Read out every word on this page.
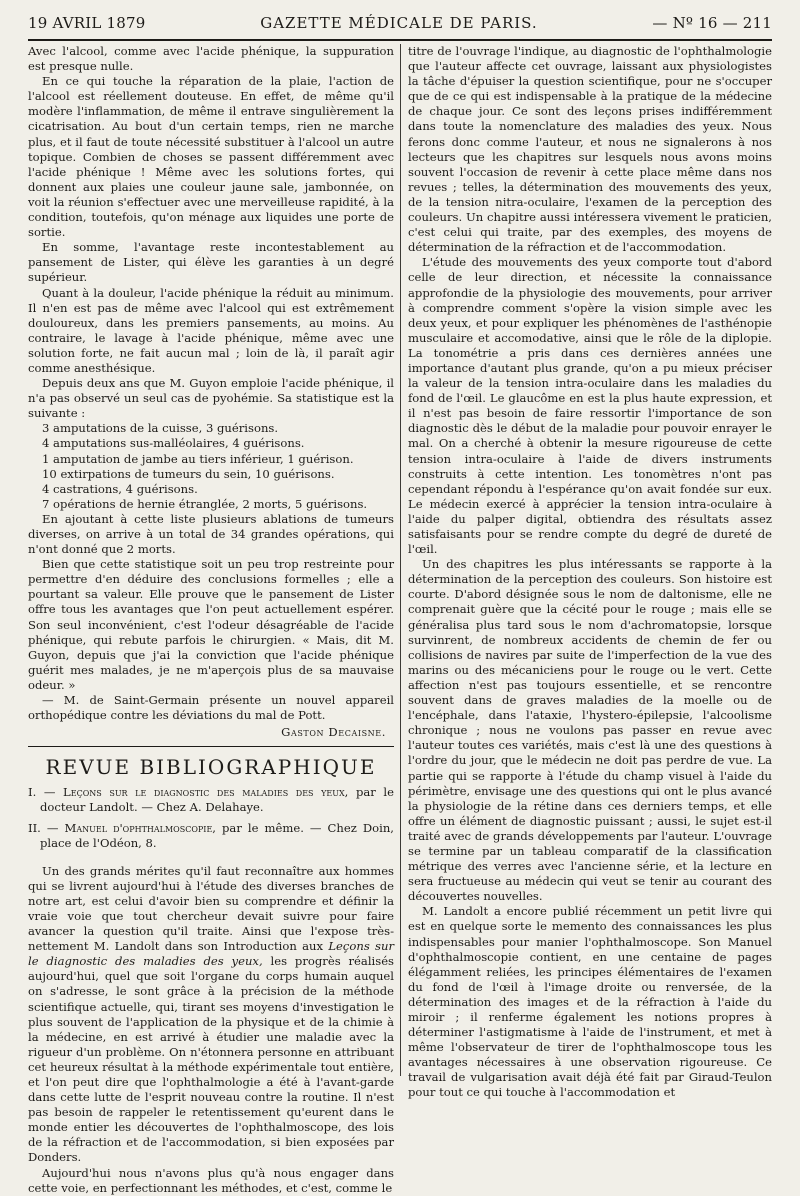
19 AVRIL 1879	GAZETTE MÉDICALE DE PARIS.	— Nº 16 — 211

Avec l'alcool, comme avec l'acide phénique, la suppuration est presque nulle.

En ce qui touche la réparation de la plaie, l'action de l'alcool est réellement douteuse. En effet, de même qu'il modère l'inflammation, de même il entrave singulièrement la cicatrisation. Au bout d'un certain temps, rien ne marche plus, et il faut de toute nécessité substituer à l'alcool un autre topique. Combien de choses se passent différemment avec l'acide phénique ! Même avec les solutions fortes, qui donnent aux plaies une couleur jaune sale, jambonnée, on voit la réunion s'effectuer avec une merveilleuse rapidité, à la condition, toutefois, qu'on ménage aux liquides une porte de sortie.

En somme, l'avantage reste incontestablement au pansement de Lister, qui élève les garanties à un degré supérieur.

Quant à la douleur, l'acide phénique la réduit au minimum. Il n'en est pas de même avec l'alcool qui est extrêmement douloureux, dans les premiers pansements, au moins. Au contraire, le lavage à l'acide phénique, même avec une solution forte, ne fait aucun mal ; loin de là, il paraît agir comme anesthésique.

Depuis deux ans que M. Guyon emploie l'acide phénique, il n'a pas observé un seul cas de pyohémie. Sa statistique est la suivante :

3 amputations de la cuisse, 3 guérisons.
4 amputations sus-malléolaires, 4 guérisons.
1 amputation de jambe au tiers inférieur, 1 guérison.
10 extirpations de tumeurs du sein, 10 guérisons.
4 castrations, 4 guérisons.
7 opérations de hernie étranglée, 2 morts, 5 guérisons.

En ajoutant à cette liste plusieurs ablations de tumeurs diverses, on arrive à un total de 34 grandes opérations, qui n'ont donné que 2 morts.

Bien que cette statistique soit un peu trop restreinte pour permettre d'en déduire des conclusions formelles ; elle a pourtant sa valeur. Elle prouve que le pansement de Lister offre tous les avantages que l'on peut actuellement espérer. Son seul inconvénient, c'est l'odeur désagréable de l'acide phénique, qui rebute parfois le chirurgien. « Mais, dit M. Guyon, depuis que j'ai la conviction que l'acide phénique guérit mes malades, je ne m'aperçois plus de sa mauvaise odeur. »

— M. de Saint-Germain présente un nouvel appareil orthopédique contre les déviations du mal de Pott.

Gaston Decaisne.

REVUE BIBLIOGRAPHIQUE

I. — Leçons sur le diagnostic des maladies des yeux, par le docteur Landolt. — Chez A. Delahaye.

II. — Manuel d'ophthalmoscopie, par le même. — Chez Doin, place de l'Odéon, 8.

Un des grands mérites qu'il faut reconnaître aux hommes qui se livrent aujourd'hui à l'étude des diverses branches de notre art, est celui d'avoir bien su comprendre et définir la vraie voie que tout chercheur devait suivre pour faire avancer la question qu'il traite. Ainsi que l'expose très-nettement M. Landolt dans son Introduction aux Leçons sur le diagnostic des maladies des yeux, les progrès réalisés aujourd'hui, quel que soit l'organe du corps humain auquel on s'adresse, le sont grâce à la précision de la méthode scientifique actuelle, qui, tirant ses moyens d'investigation le plus souvent de l'application de la physique et de la chimie à la médecine, en est arrivé à étudier une maladie avec la rigueur d'un problème. On n'étonnera personne en attribuant cet heureux résultat à la méthode expérimentale tout entière, et l'on peut dire que l'ophthalmologie a été à l'avant-garde dans cette lutte de l'esprit nouveau contre la routine. Il n'est pas besoin de rappeler le retentissement qu'eurent dans le monde entier les découvertes de l'ophthalmoscope, des lois de la réfraction et de l'accommodation, si bien exposées par Donders.

Aujourd'hui nous n'avons plus qu'à nous engager dans cette voie, en perfectionnant les méthodes, et c'est, comme le

titre de l'ouvrage l'indique, au diagnostic de l'ophthalmologie que l'auteur affecte cet ouvrage, laissant aux physiologistes la tâche d'épuiser la question scientifique, pour ne s'occuper que de ce qui est indispensable à la pratique de la médecine de chaque jour. Ce sont des leçons prises indifféremment dans toute la nomenclature des maladies des yeux. Nous ferons donc comme l'auteur, et nous ne signalerons à nos lecteurs que les chapitres sur lesquels nous avons moins souvent l'occasion de revenir à cette place même dans nos revues ; telles, la détermination des mouvements des yeux, de la tension nitra-oculaire, l'examen de la perception des couleurs. Un chapitre aussi intéressera vivement le praticien, c'est celui qui traite, par des exemples, des moyens de détermination de la réfraction et de l'accommodation.

L'étude des mouvements des yeux comporte tout d'abord celle de leur direction, et nécessite la connaissance approfondie de la physiologie des mouvements, pour arriver à comprendre comment s'opère la vision simple avec les deux yeux, et pour expliquer les phénomènes de l'asthénopie musculaire et accomodative, ainsi que le rôle de la diplopie. La tonométrie a pris dans ces dernières années une importance d'autant plus grande, qu'on a pu mieux préciser la valeur de la tension intra-oculaire dans les maladies du fond de l'œil. Le glaucôme en est la plus haute expression, et il n'est pas besoin de faire ressortir l'importance de son diagnostic dès le début de la maladie pour pouvoir enrayer le mal. On a cherché à obtenir la mesure rigoureuse de cette tension intra-oculaire à l'aide de divers instruments construits à cette intention. Les tonomètres n'ont pas cependant répondu à l'espérance qu'on avait fondée sur eux. Le médecin exercé à apprécier la tension intra-oculaire à l'aide du palper digital, obtiendra des résultats assez satisfaisants pour se rendre compte du degré de dureté de l'œil.

Un des chapitres les plus intéressants se rapporte à la détermination de la perception des couleurs. Son histoire est courte. D'abord désignée sous le nom de daltonisme, elle ne comprenait guère que la cécité pour le rouge ; mais elle se généralisa plus tard sous le nom d'achromatopsie, lorsque survinrent, de nombreux accidents de chemin de fer ou collisions de navires par suite de l'imperfection de la vue des marins ou des mécaniciens pour le rouge ou le vert. Cette affection n'est pas toujours essentielle, et se rencontre souvent dans de graves maladies de la moelle ou de l'encéphale, dans l'ataxie, l'hystero-épilepsie, l'alcoolisme chronique ; nous ne voulons pas passer en revue avec l'auteur toutes ces variétés, mais c'est là une des questions à l'ordre du jour, que le médecin ne doit pas perdre de vue. La partie qui se rapporte à l'étude du champ visuel à l'aide du périmètre, envisage une des questions qui ont le plus avancé la physiologie de la rétine dans ces derniers temps, et elle offre un élément de diagnostic puissant ; aussi, le sujet est-il traité avec de grands développements par l'auteur. L'ouvrage se termine par un tableau comparatif de la classification métrique des verres avec l'ancienne série, et la lecture en sera fructueuse au médecin qui veut se tenir au courant des découvertes nouvelles.

M. Landolt a encore publié récemment un petit livre qui est en quelque sorte le memento des connaissances les plus indispensables pour manier l'ophthalmoscope. Son Manuel d'ophthalmoscopie contient, en une centaine de pages élégamment reliées, les principes élémentaires de l'examen du fond de l'œil à l'image droite ou renversée, de la détermination des images et de la réfraction à l'aide du miroir ; il renferme également les notions propres à déterminer l'astigmatisme à l'aide de l'instrument, et met à même l'observateur de tirer de l'ophthalmoscope tous les avantages nécessaires à une observation rigoureuse. Ce travail de vulgarisation avait déjà été fait par Giraud-Teulon pour tout ce qui touche à l'accommodation et
